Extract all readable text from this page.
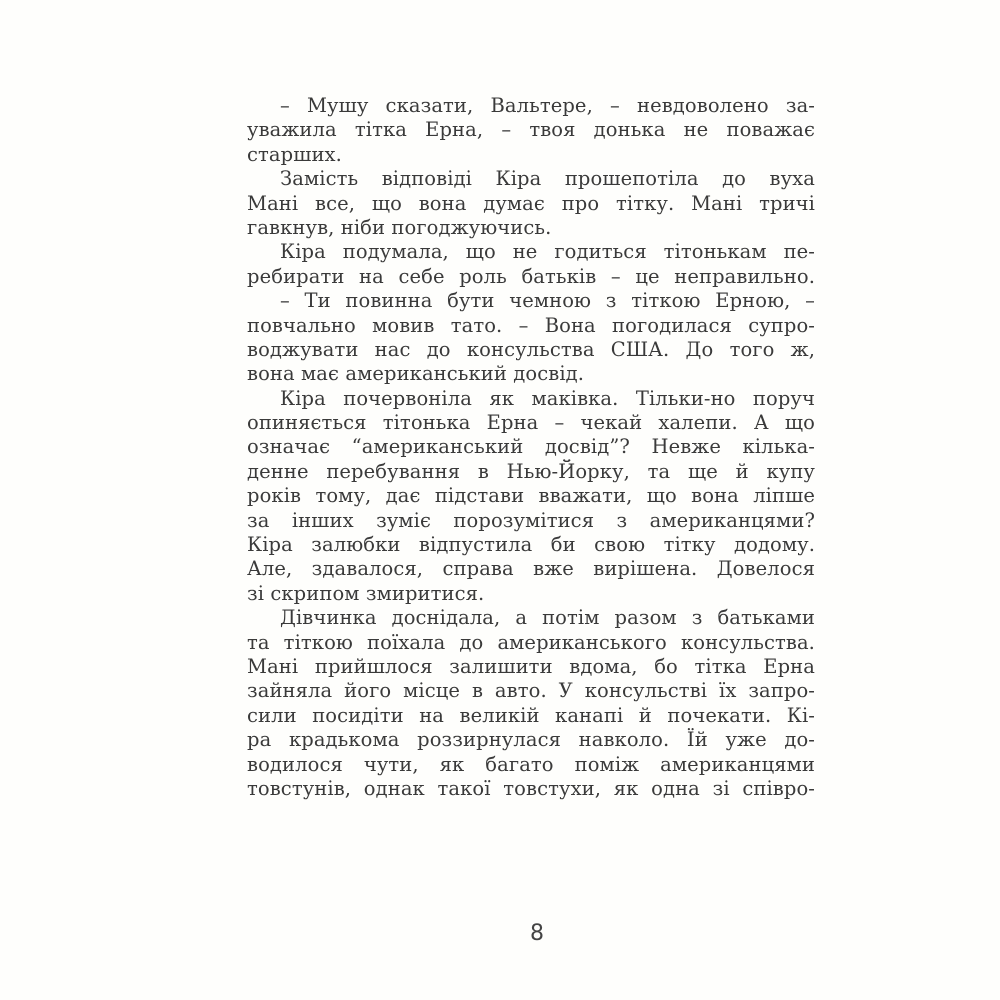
– Мушу сказати, Вальтере, – невдоволено за-
уважила тітка Ерна, – твоя донька не поважає
старших.

Замість відповіді Кіра прошепотіла до вуха
Мані все, що вона думає про тітку. Мані тричі
гавкнув, ніби погоджуючись.

Кіра подумала, що не годиться тітонькам пе-
ребирати на себе роль батьків – це неправильно.

– Ти повинна бути чемною з тіткою Ерною, –
повчально мовив тато. – Вона погодилася супро-
воджувати нас до консульства США. До того ж,
вона має американський досвід.

Кіра почервоніла як маківка. Тільки-но поруч
опиняється тітонька Ерна – чекай халепи. А що
означає “американський досвід”? Невже кілька-
денне перебування в Нью-Йорку, та ще й купу
років тому, дає підстави вважати, що вона ліпше
за інших зуміє порозумітися з американцями?
Кіра залюбки відпустила би свою тітку додому.
Але, здавалося, справа вже вирішена. Довелося
зі скрипом змиритися.

Дівчинка доснідала, а потім разом з батьками
та тіткою поїхала до американського консульства.
Мані прийшлося залишити вдома, бо тітка Ерна
зайняла його місце в авто. У консульстві їх запро-
сили посидіти на великій канапі й почекати. Кі-
ра крадькома роззирнулася навколо. Їй уже до-
водилося чути, як багато поміж американцями
товстунів, однак такої товстухи, як одна зі співро-

8
